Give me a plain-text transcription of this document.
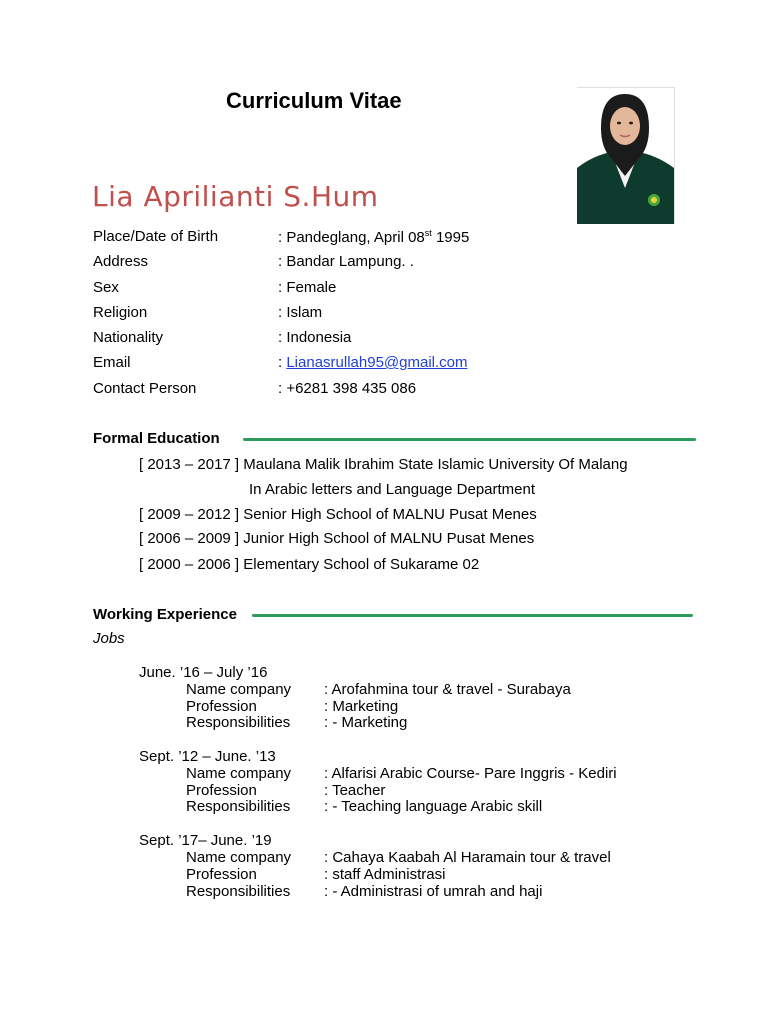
Curriculum Vitae
Lia Aprilianti S.Hum
Place/Date of Birth	: Pandeglang, April 08st 1995
Address	: Bandar Lampung. .
Sex	: Female
Religion	: Islam
Nationality	: Indonesia
Email	: Lianasrullah95@gmail.com
Contact Person	: +6281 398 435 086
Formal Education
[ 2013 – 2017 ] Maulana Malik Ibrahim State Islamic University Of Malang
In Arabic letters and Language Department
[ 2009 – 2012 ] Senior High School of MALNU Pusat Menes
[ 2006 – 2009 ] Junior High School of MALNU Pusat Menes
[ 2000 – 2006 ] Elementary School of Sukarame 02
Working Experience
Jobs
June. ’16 – July ’16
Name company : Arofahmina tour & travel - Surabaya
Profession	: Marketing
Responsibilities : - Marketing
Sept. ’12 – June. ’13
Name company : Alfarisi Arabic Course- Pare Inggris - Kediri
Profession	: Teacher
Responsibilities : - Teaching language Arabic skill
Sept. ’17– June. ’19
Name company : Cahaya Kaabah Al Haramain tour & travel
Profession	: staff Administrasi
Responsibilities : - Administrasi of umrah and haji
